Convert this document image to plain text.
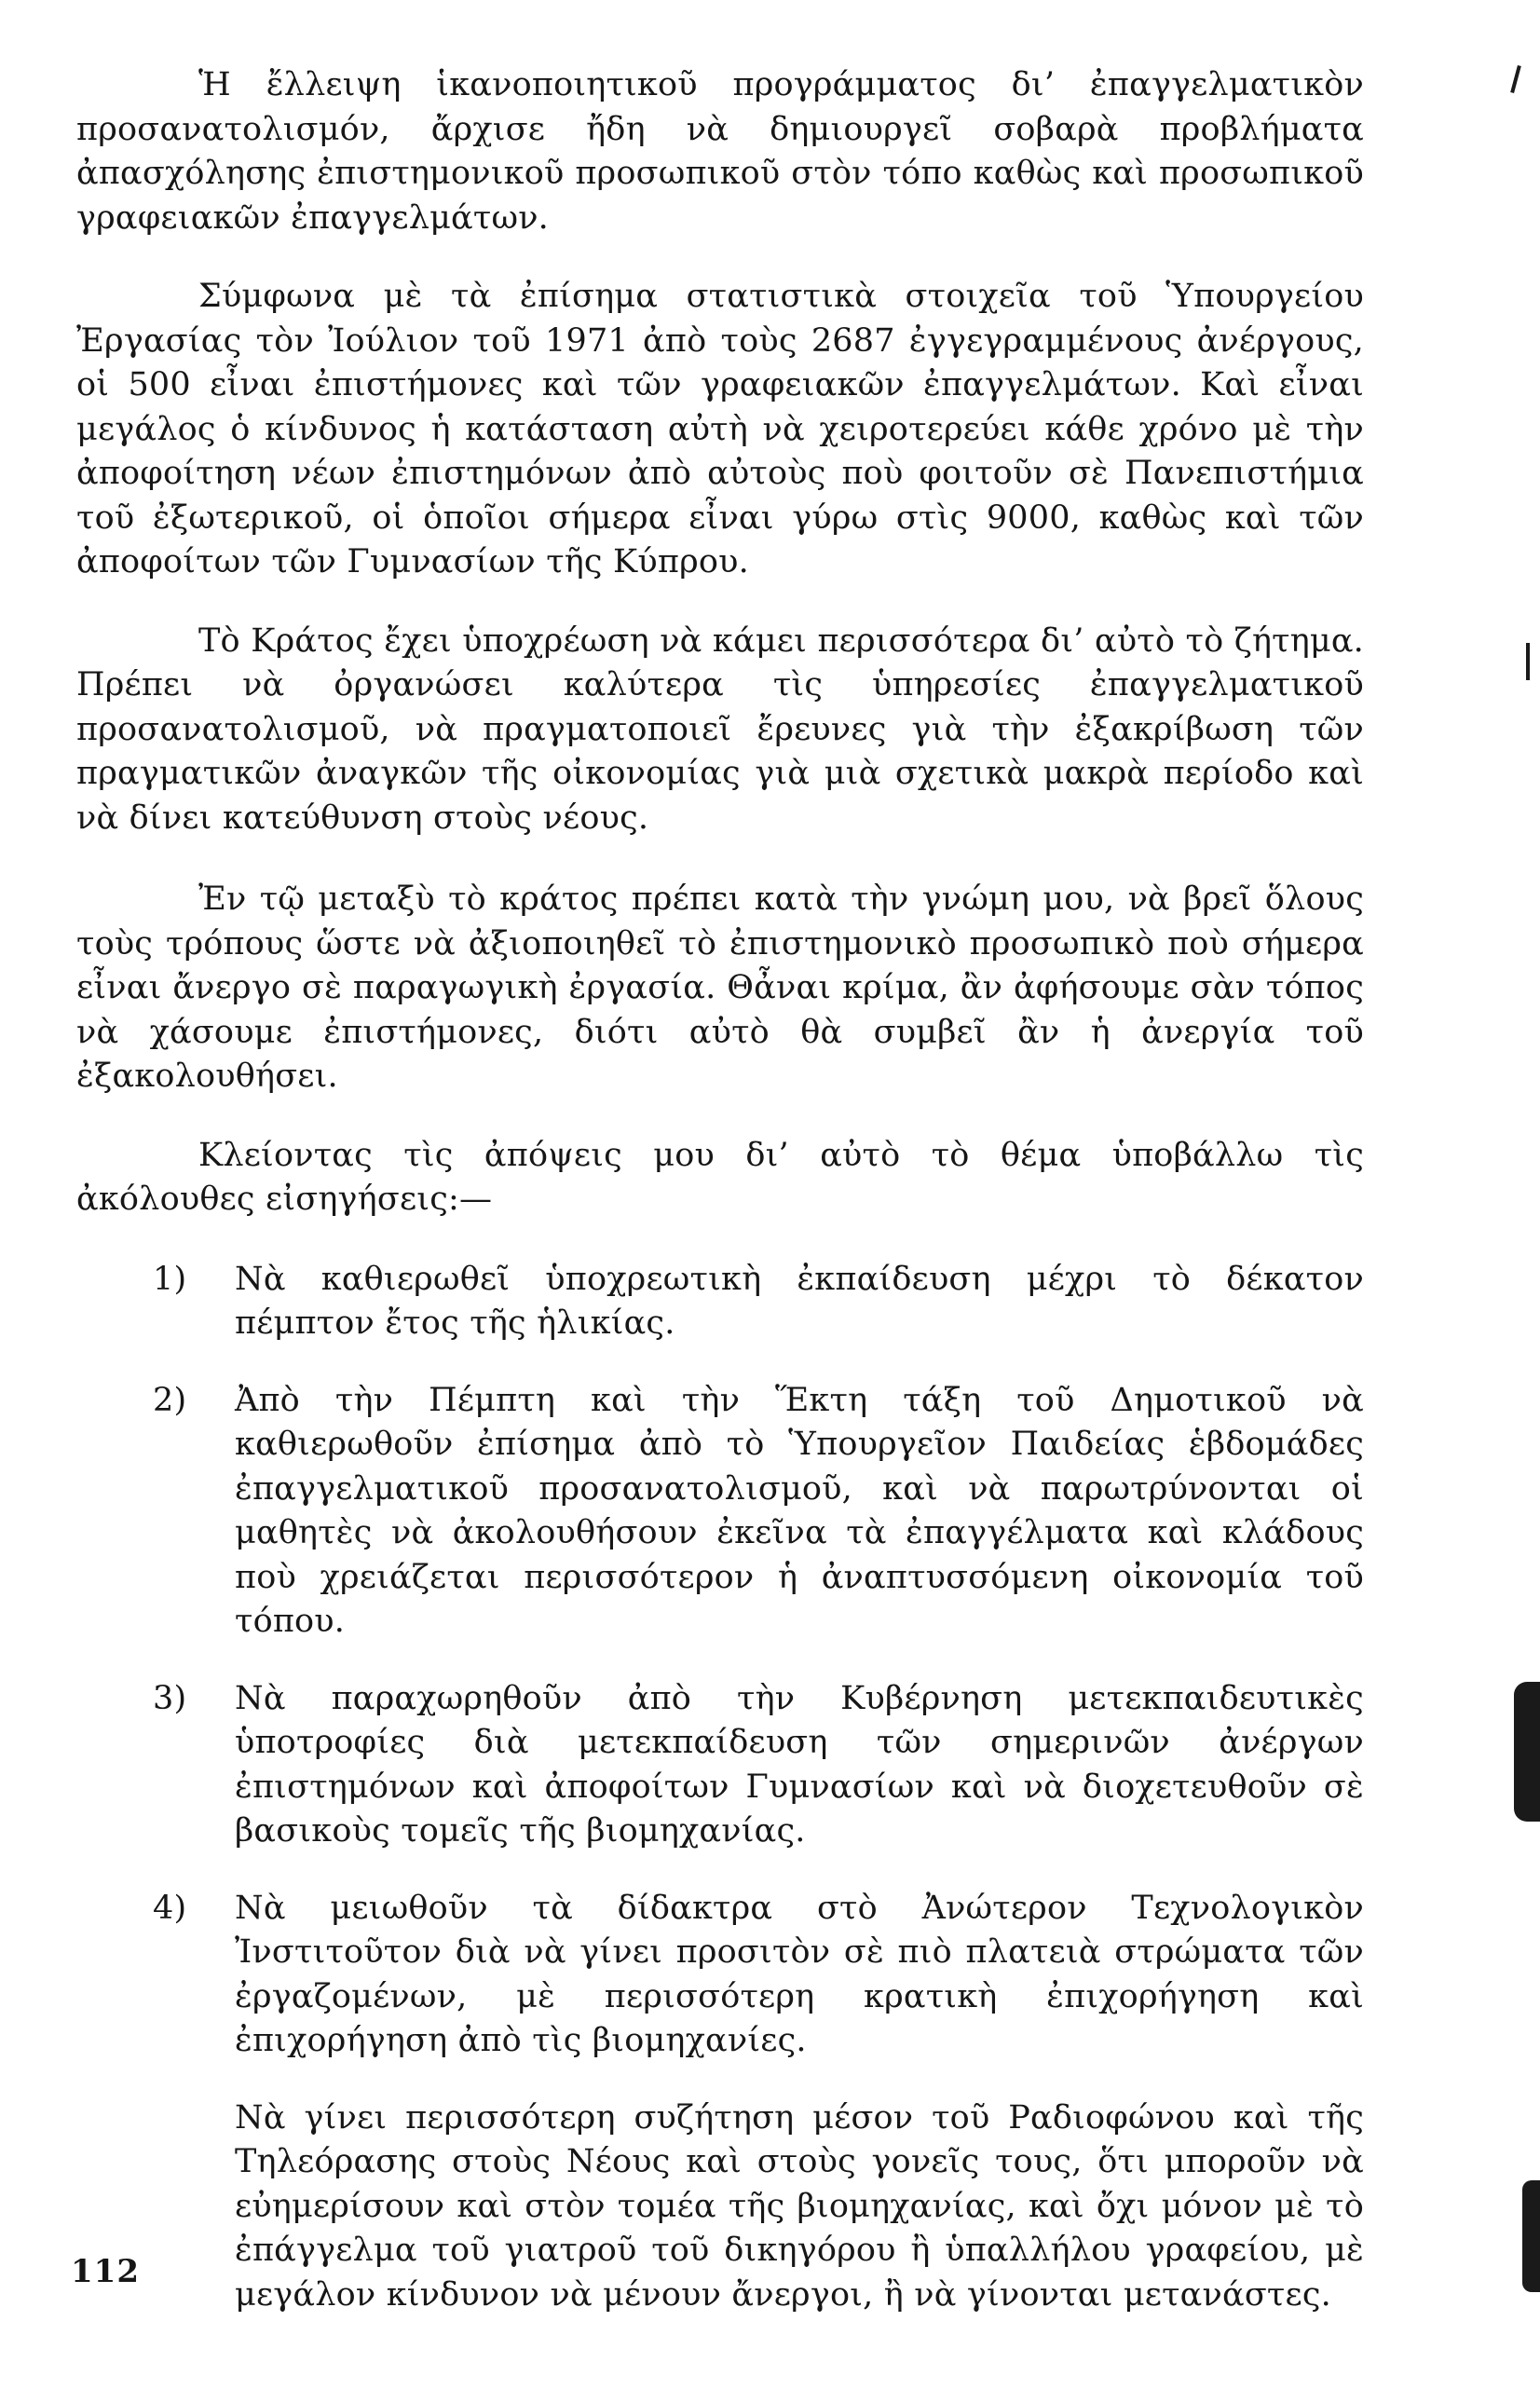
Ἡ ἔλλειψη ἱκανοποιητικοῦ προγράμματος δι’ ἐπαγγελματικὸν προσανατολισμόν, ἄρχισε ἤδη νὰ δημιουργεῖ σοβαρὰ προβλήματα ἀπασχόλησης ἐπιστημονικοῦ προσωπικοῦ στὸν τόπο καθὼς καὶ προσωπικοῦ γραφειακῶν ἐπαγγελμάτων.

Σύμφωνα μὲ τὰ ἐπίσημα στατιστικὰ στοιχεῖα τοῦ Ὑπουργείου Ἐργασίας τὸν Ἰούλιον τοῦ 1971 ἀπὸ τοὺς 2687 ἐγγεγραμμένους ἀνέργους, οἱ 500 εἶναι ἐπιστήμονες καὶ τῶν γραφειακῶν ἐπαγγελμάτων. Καὶ εἶναι μεγάλος ὁ κίνδυνος ἡ κατάσταση αὐτὴ νὰ χειροτερεύει κάθε χρόνο μὲ τὴν ἀποφοίτηση νέων ἐπιστημόνων ἀπὸ αὐτοὺς ποὺ φοιτοῦν σὲ Πανεπιστήμια τοῦ ἐξωτερικοῦ, οἱ ὁποῖοι σήμερα εἶναι γύρω στὶς 9000, καθὼς καὶ τῶν ἀποφοίτων τῶν Γυμνασίων τῆς Κύπρου.

Τὸ Κράτος ἔχει ὑποχρέωση νὰ κάμει περισσότερα δι’ αὐτὸ τὸ ζήτημα. Πρέπει νὰ ὀργανώσει καλύτερα τὶς ὑπηρεσίες ἐπαγγελματικοῦ προσανατολισμοῦ, νὰ πραγματοποιεῖ ἔρευνες γιὰ τὴν ἐξακρίβωση τῶν πραγματικῶν ἀναγκῶν τῆς οἰκονομίας γιὰ μιὰ σχετικὰ μακρὰ περίοδο καὶ νὰ δίνει κατεύθυνση στοὺς νέους.

Ἐν τῷ μεταξὺ τὸ κράτος πρέπει κατὰ τὴν γνώμη μου, νὰ βρεῖ ὅλους τοὺς τρόπους ὥστε νὰ ἀξιοποιηθεῖ τὸ ἐπιστημονικὸ προσωπικὸ ποὺ σήμερα εἶναι ἄνεργο σὲ παραγωγικὴ ἐργασία. Θἆναι κρίμα, ἂν ἀφήσουμε σὰν τόπος νὰ χάσουμε ἐπιστήμονες, διότι αὐτὸ θὰ συμβεῖ ἂν ἡ ἀνεργία τοῦ ἐξακολουθήσει.

Κλείοντας τὶς ἀπόψεις μου δι’ αὐτὸ τὸ θέμα ὑποβάλλω τὶς ἀκόλουθες εἰσηγήσεις:—

1) Νὰ καθιερωθεῖ ὑποχρεωτικὴ ἐκπαίδευση μέχρι τὸ δέκατον πέμπτον ἔτος τῆς ἡλικίας.
2) Ἀπὸ τὴν Πέμπτη καὶ τὴν Ἕκτη τάξη τοῦ Δημοτικοῦ νὰ καθιερωθοῦν ἐπίσημα ἀπὸ τὸ Ὑπουργεῖον Παιδείας ἑβδομάδες ἐπαγγελματικοῦ προσανατολισμοῦ, καὶ νὰ παρωτρύνονται οἱ μαθητὲς νὰ ἀκολουθήσουν ἐκεῖνα τὰ ἐπαγγέλματα καὶ κλάδους ποὺ χρειάζεται περισσότερον ἡ ἀναπτυσσόμενη οἰκονομία τοῦ τόπου.
3) Νὰ παραχωρηθοῦν ἀπὸ τὴν Κυβέρνηση μετεκπαιδευτικὲς ὑποτροφίες διὰ μετεκπαίδευση τῶν σημερινῶν ἀνέργων ἐπιστημόνων καὶ ἀποφοίτων Γυμνασίων καὶ νὰ διοχετευθοῦν σὲ βασικοὺς τομεῖς τῆς βιομηχανίας.
4) Νὰ μειωθοῦν τὰ δίδακτρα στὸ Ἀνώτερον Τεχνολογικὸν Ἰνστιτοῦτον διὰ νὰ γίνει προσιτὸν σὲ πιὸ πλατειὰ στρώματα τῶν ἐργαζομένων, μὲ περισσότερη κρατικὴ ἐπιχορήγηση καὶ ἐπιχορήγηση ἀπὸ τὶς βιομηχανίες.

Νὰ γίνει περισσότερη συζήτηση μέσον τοῦ Ραδιοφώνου καὶ τῆς Τηλεόρασης στοὺς Νέους καὶ στοὺς γονεῖς τους, ὅτι μποροῦν νὰ εὐημερίσουν καὶ στὸν τομέα τῆς βιομηχανίας, καὶ ὄχι μόνον μὲ τὸ ἐπάγγελμα τοῦ γιατροῦ τοῦ δικηγόρου ἢ ὑπαλλήλου γραφείου, μὲ μεγάλον κίνδυνον νὰ μένουν ἄνεργοι, ἢ νὰ γίνονται μετανάστες.

112
